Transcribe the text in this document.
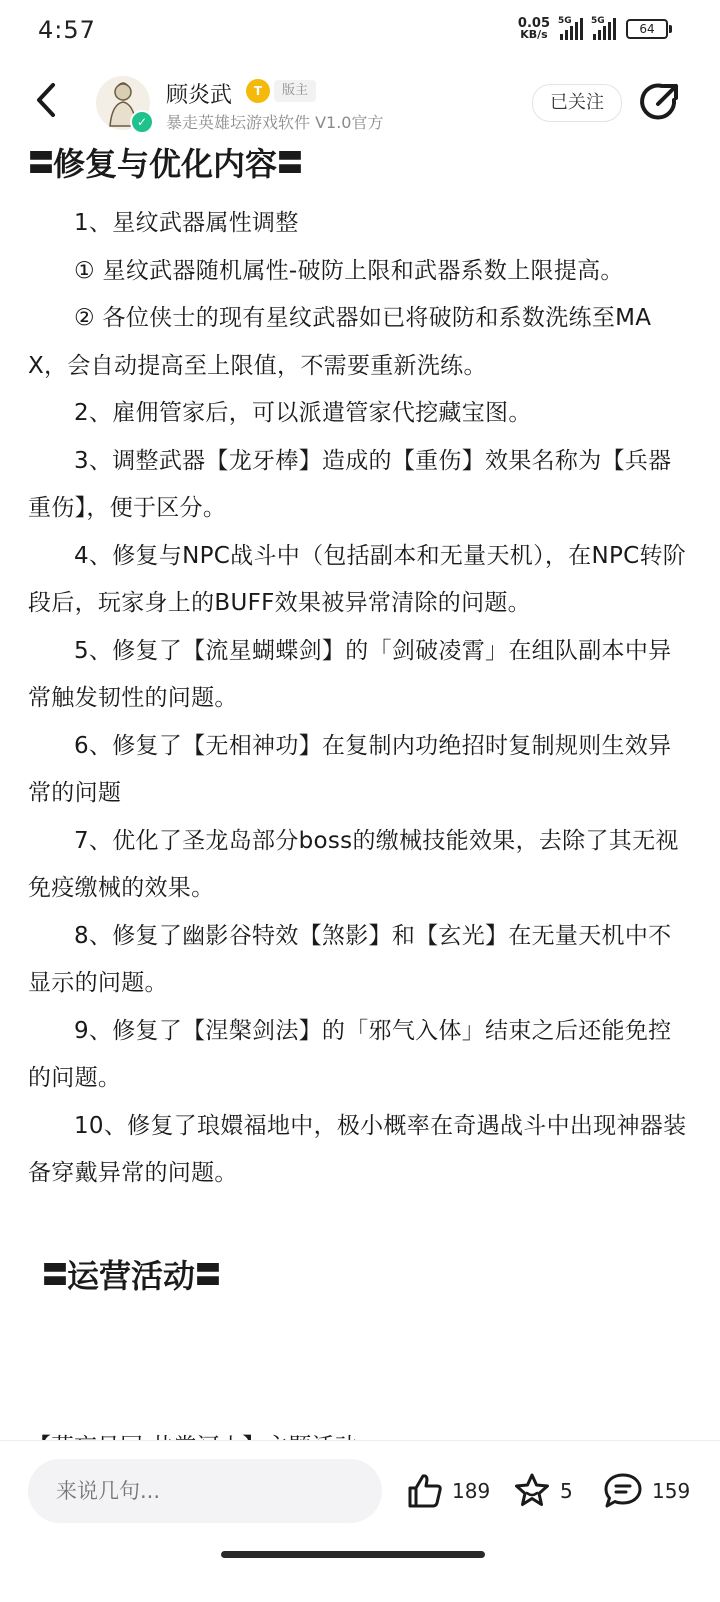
4:57	0.05
KB/s
5G 5G
64
✓
顾炎武	T	版主
暴走英雄坛游戏软件 V1.0官方
已关注
〓修复与优化内容〓

1、星纹武器属性调整

① 星纹武器随机属性-破防上限和武器系数上限提高。

② 各位侠士的现有星纹武器如已将破防和系数洗练至MAX，会自动提高至上限值，不需要重新洗练。

2、雇佣管家后，可以派遣管家代挖藏宝图。

3、调整武器【龙牙棒】造成的【重伤】效果名称为【兵器重伤】，便于区分。

4、修复与NPC战斗中（包括副本和无量天机），在NPC转阶段后，玩家身上的BUFF效果被异常清除的问题。

5、修复了【流星蝴蝶剑】的「剑破凌霄」在组队副本中异常触发韧性的问题。

6、修复了【无相神功】在复制内功绝招时复制规则生效异常的问题

7、优化了圣龙岛部分boss的缴械技能效果，去除了其无视免疫缴械的效果。

8、修复了幽影谷特效【煞影】和【玄光】在无量天机中不显示的问题。

9、修复了【涅槃剑法】的「邪气入体」结束之后还能免控的问题。

10、修复了琅嬛福地中，极小概率在奇遇战斗中出现神器装备穿戴异常的问题。

〓运营活动〓
来说几句...
189	5	159
